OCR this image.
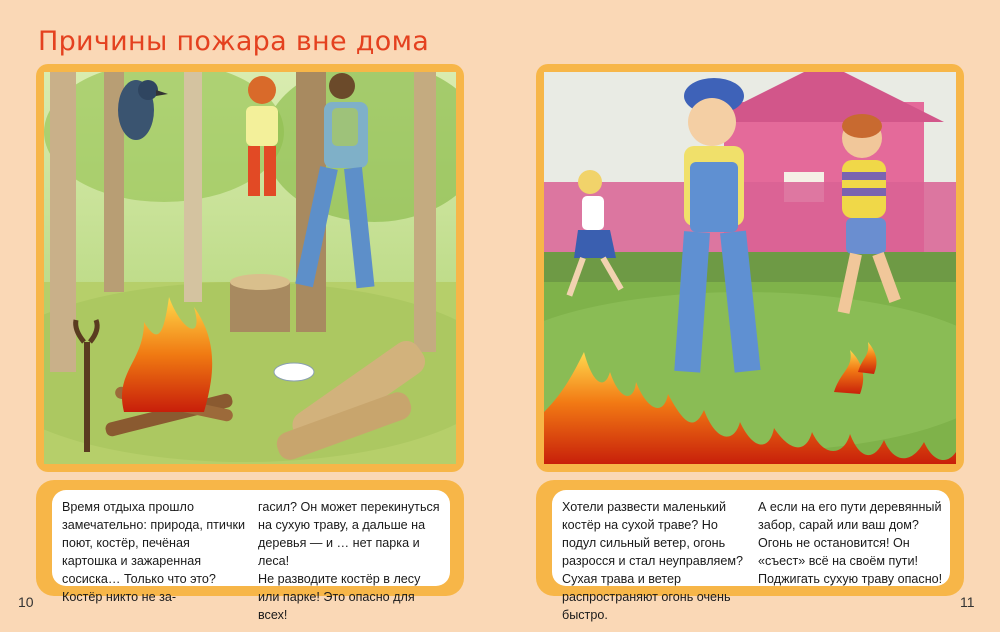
Причины пожара вне дома

Время отдыха прошло замечательно: природа, птички поют, костёр, печёная картошка и зажаренная сосиска… Только что это? Костёр никто не за-

гасил? Он может перекинуться на сухую траву, а дальше на деревья — и … нет парка и леса!

Не разводите костёр в лесу или парке! Это опасно для всех!

Хотели развести маленький костёр на сухой траве? Но подул сильный ветер, огонь разросся и стал неуправляем? Сухая трава и ветер распространяют огонь очень быстро.

А если на его пути деревянный забор, сарай или ваш дом? Огонь не остановится! Он «съест» всё на своём пути!

Поджигать сухую траву опасно!

10	11
